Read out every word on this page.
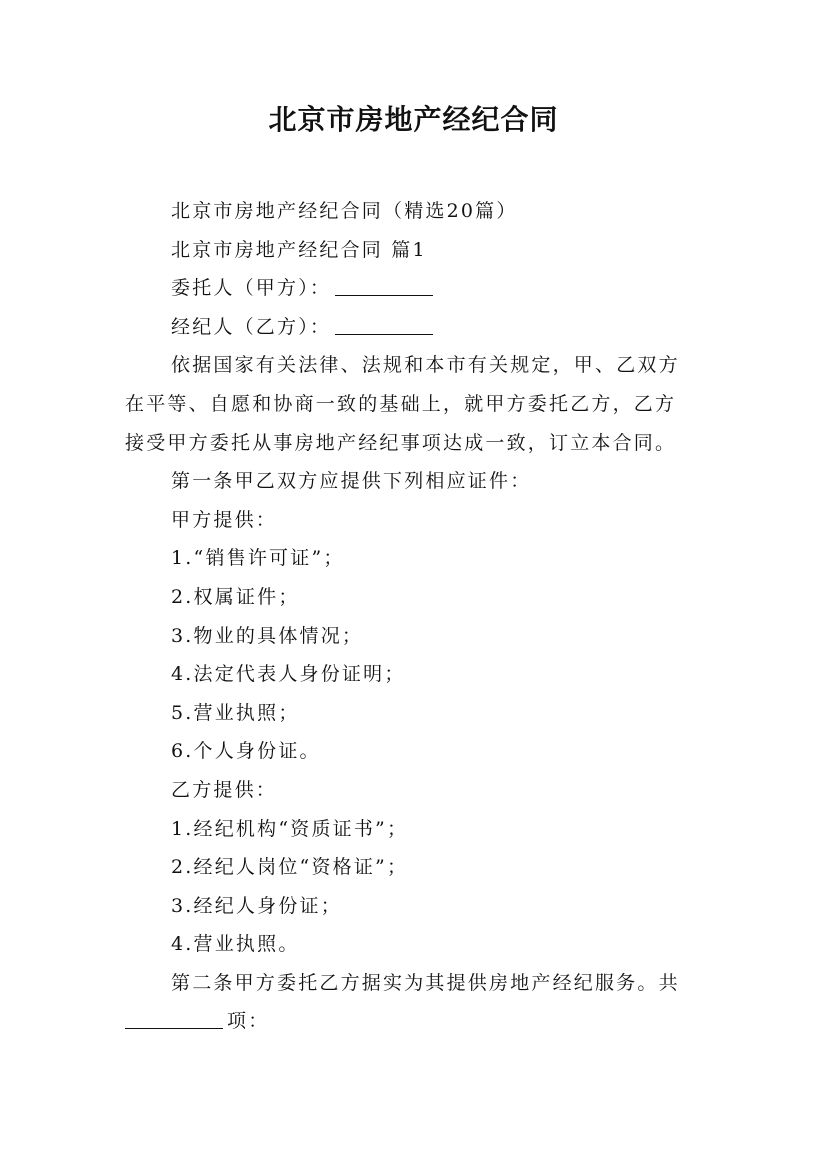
北京市房地产经纪合同

北京市房地产经纪合同（精选20篇）

北京市房地产经纪合同 篇1

委托人（甲方）：

经纪人（乙方）：

依据国家有关法律、法规和本市有关规定，甲、乙双方

在平等、自愿和协商一致的基础上，就甲方委托乙方，乙方

接受甲方委托从事房地产经纪事项达成一致，订立本合同。

第一条甲乙双方应提供下列相应证件：

甲方提供：

1.“销售许可证”；

2.权属证件；

3.物业的具体情况；

4.法定代表人身份证明；

5.营业执照；

6.个人身份证。

乙方提供：

1.经纪机构“资质证书”；

2.经纪人岗位“资格证”；

3.经纪人身份证；

4.营业执照。

第二条甲方委托乙方据实为其提供房地产经纪服务。共

项：
